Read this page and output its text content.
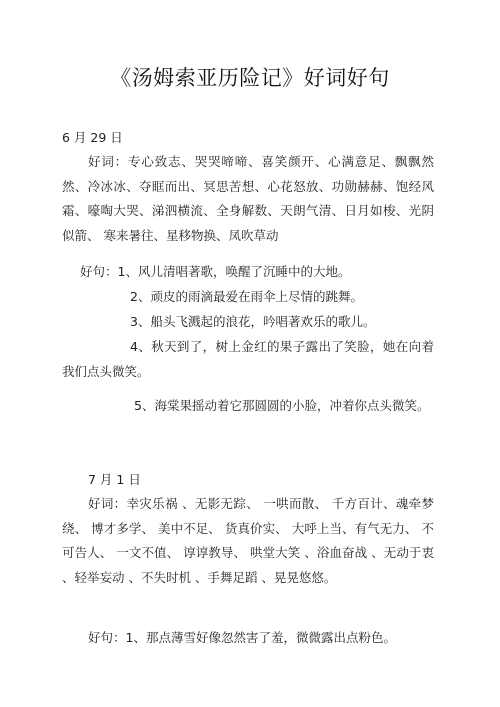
《汤姆索亚历险记》好词好句
6 月 29 日
好词：专心致志、哭哭啼啼、喜笑颜开、心满意足、飘飘然然、冷冰冰、夺眶而出、冥思苦想、心花怒放、功勋赫赫、饱经风霜、嚎啕大哭、涕泗横流、全身解数、天朗气清、日月如梭、光阴似箭、 寒来暑往、星移物换、凤吹草动
好句：1、风儿清唱著歌，唤醒了沉睡中的大地。
2、顽皮的雨滴最爱在雨伞上尽情的跳舞。
3、船头飞溅起的浪花，吟唱著欢乐的歌儿。
4、秋天到了，树上金红的果子露出了笑脸，她在向着我们点头微笑。
5、海棠果摇动着它那圆圆的小脸，冲着你点头微笑。
7 月 1 日
好词：幸灾乐祸 、无影无踪、 一哄而散、 千方百计、魂牵梦绕、 博才多学、 美中不足、 货真价实、 大呼上当、有气无力、 不可告人、 一文不值、 谆谆教导、 哄堂大笑 、浴血奋战 、无动于衷 、轻举妄动 、不失时机 、手舞足蹈 、晃晃悠悠。
好句：1、那点薄雪好像忽然害了羞，微微露出点粉色。
